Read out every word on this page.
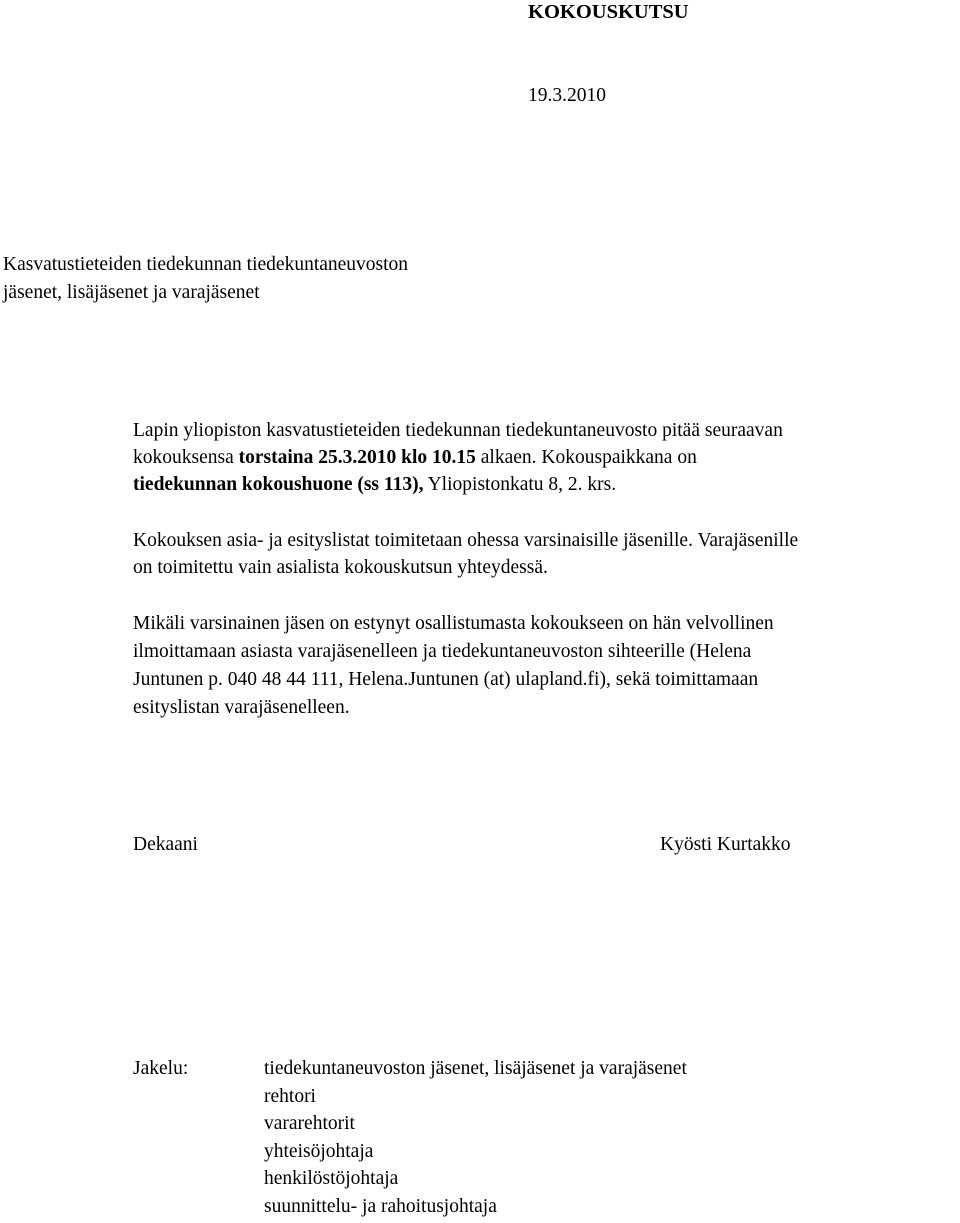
KOKOUSKUTSU
19.3.2010
Kasvatustieteiden tiedekunnan tiedekuntaneuvoston
jäsenet, lisäjäsenet ja varajäsenet
Lapin yliopiston kasvatustieteiden tiedekunnan tiedekuntaneuvosto pitää seuraavan
kokouksensa torstaina 25.3.2010 klo 10.15 alkaen. Kokouspaikkana on
tiedekunnan kokoushuone (ss 113), Yliopistonkatu 8, 2. krs.
Kokouksen asia- ja esityslistat toimitetaan ohessa varsinaisille jäsenille. Varajäsenille
on toimitettu vain asialista kokouskutsun yhteydessä.
Mikäli varsinainen jäsen on estynyt osallistumasta kokoukseen on hän velvollinen
ilmoittamaan asiasta varajäsenelleen ja tiedekuntaneuvoston sihteerille (Helena
Juntunen p. 040 48 44 111, Helena.Juntunen (at) ulapland.fi), sekä toimittamaan
esityslistan varajäsenelleen.
Dekaani	Kyösti Kurtakko
Jakelu:	tiedekuntaneuvoston jäsenet, lisäjäsenet ja varajäsenet
rehtori
vararehtorit
yhteisöjohtaja
henkilöstöjohtaja
suunnittelu- ja rahoitusjohtaja
